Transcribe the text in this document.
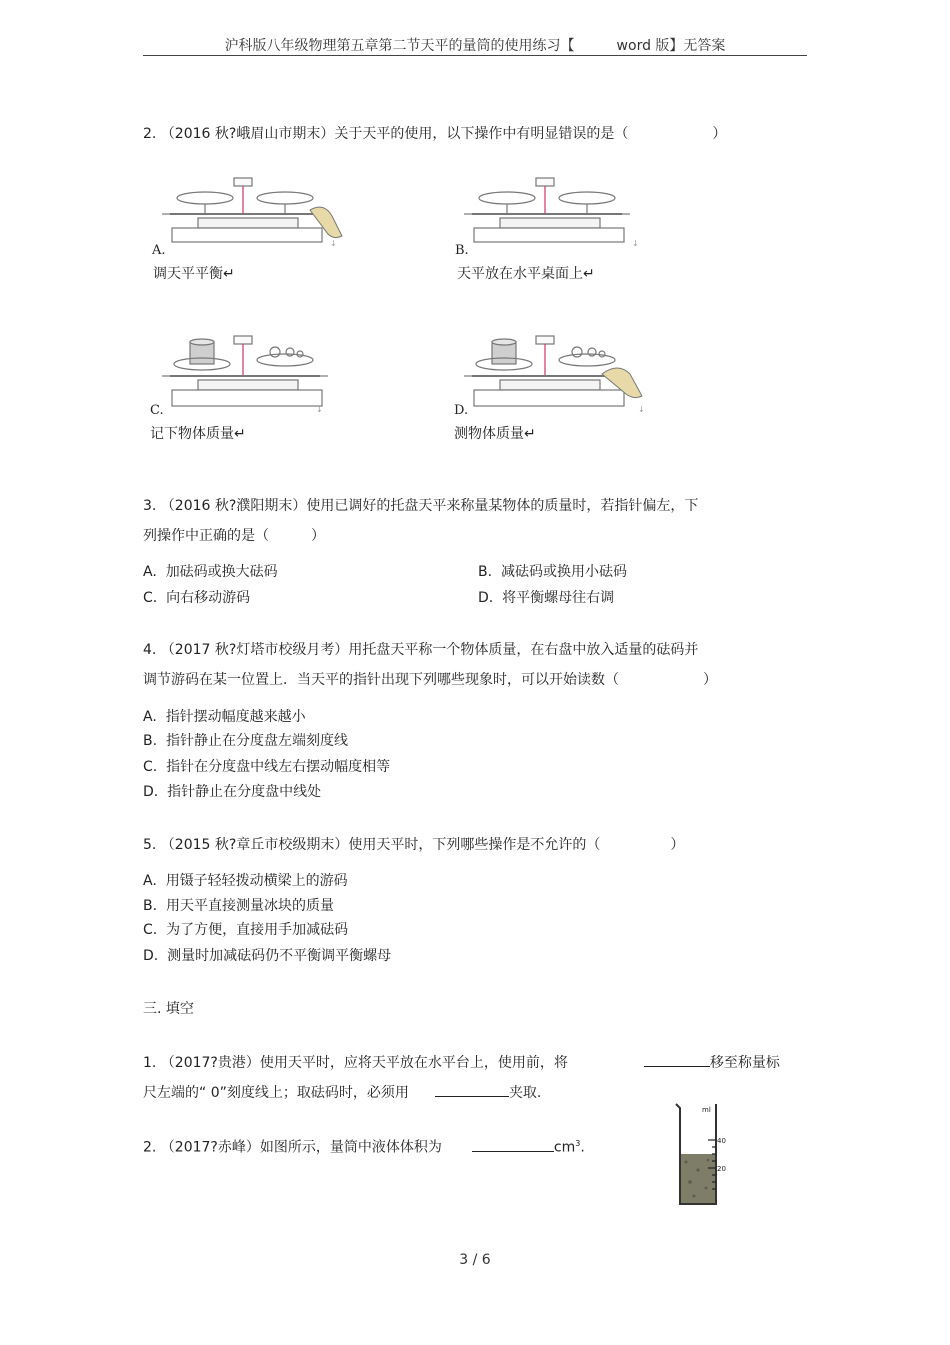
沪科版八年级物理第五章第二节天平的量筒的使用练习【　　　word 版】无答案
2. （2016 秋?峨眉山市期末）关于天平的使用，以下操作中有明显错误的是（　　　　　　）
↓
A.
调天平平衡↵
↓
B.
天平放在水平桌面上↵
↓
C.
记下物体质量↵
↓
D.
测物体质量↵
3. （2016 秋?濮阳期末）使用已调好的托盘天平来称量某物体的质量时，若指针偏左，下
列操作中正确的是（　　　）
A. 加砝码或换大砝码	B. 减砝码或换用小砝码
C. 向右移动游码	D. 将平衡螺母往右调
4. （2017 秋?灯塔市校级月考）用托盘天平称一个物体质量，在右盘中放入适量的砝码并
调节游码在某一位置上．当天平的指针出现下列哪些现象时，可以开始读数（　　　　　　）
A. 指针摆动幅度越来越小
B. 指针静止在分度盘左端刻度线
C. 指针在分度盘中线左右摆动幅度相等
D. 指针静止在分度盘中线处
5. （2015 秋?章丘市校级期末）使用天平时，下列哪些操作是不允许的（　　　　　）
A. 用镊子轻轻拨动横梁上的游码
B. 用天平直接测量冰块的质量
C. 为了方便，直接用手加减砝码
D. 测量时加减砝码仍不平衡调平衡螺母
三. 填空
1. （2017?贵港）使用天平时，应将天平放在水平台上，使用前，将	移至称量标
尺左端的“ 0”刻度线上；取砝码时，必须用	夹取.
2. （2017?赤峰）如图所示，量筒中液体体积为	$cm^3$.
ml
40
20
3 / 6
